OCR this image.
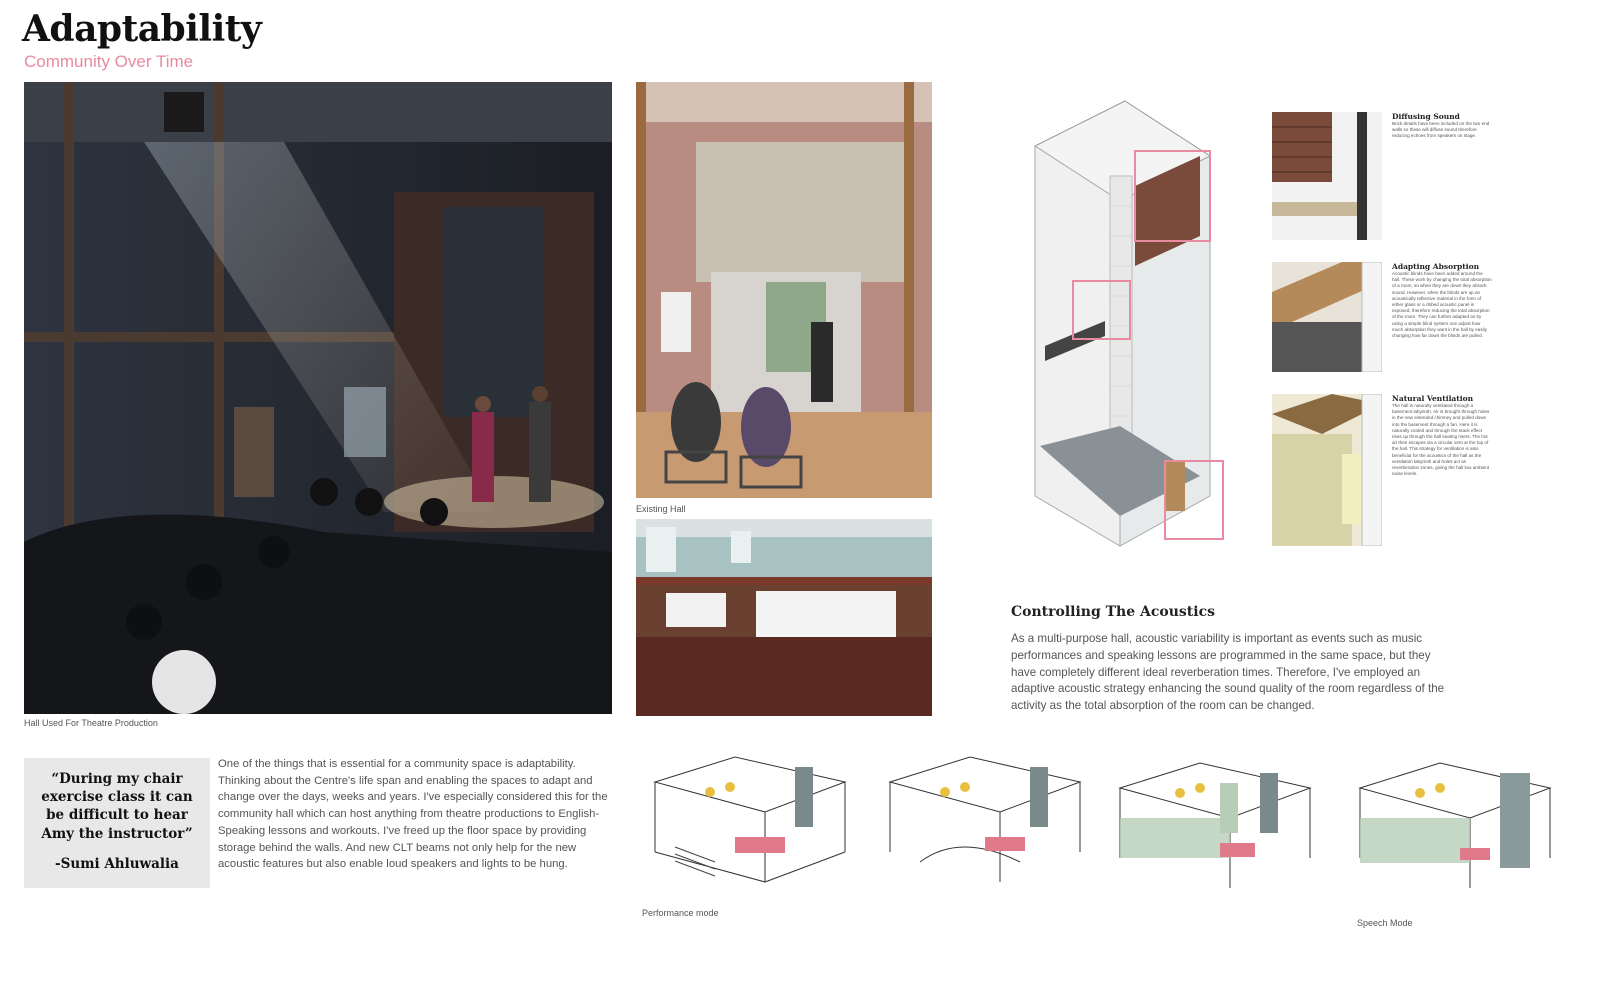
Adaptability
Community Over Time
Hall Used For Theatre Production
Existing Hall
Diffusing Sound
Brick details have been included on the two end walls so these will diffuse sound therefore reducing echoes from speakers on stage.
Adapting Absorption
Acoustic blinds have been added around the hall. These work by changing the total absorption of a room, so when they are down they absorb sound. However, when the blinds are up an acoustically reflective material in the form of either glass or a ribbed acoustic panel is exposed, therefore reducing the total absorption of the room. They can further adapted as by using a simple blind system one adjust how much absorption they want in the hall by easily changing how far down the blinds are pulled.
Natural Ventilation
The hall is naturally ventilated through a basement labyrinth. Air is brought through holes in the new extended chimney and pulled down into the basement through a fan. Here it is naturally cooled and through the stack effect rises up through the hall seating risers. The hot air then escapes via a circular vent at the top of the hall. This strategy for ventilation is also beneficial for the acoustics of the hall as the ventilation labyrinth and holes act as reverberation zones, giving the hall low ambient noise levels.
Controlling The Acoustics
As a multi-purpose hall, acoustic variability is important as events such as music performances and speaking lessons are programmed in the same space, but they have completely different ideal reverberation times. Therefore, I've employed an adaptive acoustic strategy enhancing the sound quality of the room regardless of the activity as the total absorption of the room can be changed.
“During my chair exercise class it can be difficult to hear Amy the instructor”
-Sumi Ahluwalia
One of the things that is essential for a community space is adaptability. Thinking about the Centre's life span and enabling the spaces to adapt and change over the days, weeks and years. I've especially considered this for the community hall which can host anything from theatre productions to English-Speaking lessons and workouts. I've freed up the floor space by providing storage behind the walls. And new CLT beams not only help for the new acoustic features but also enable loud speakers and lights to be hung.
Performance mode
Speech Mode
